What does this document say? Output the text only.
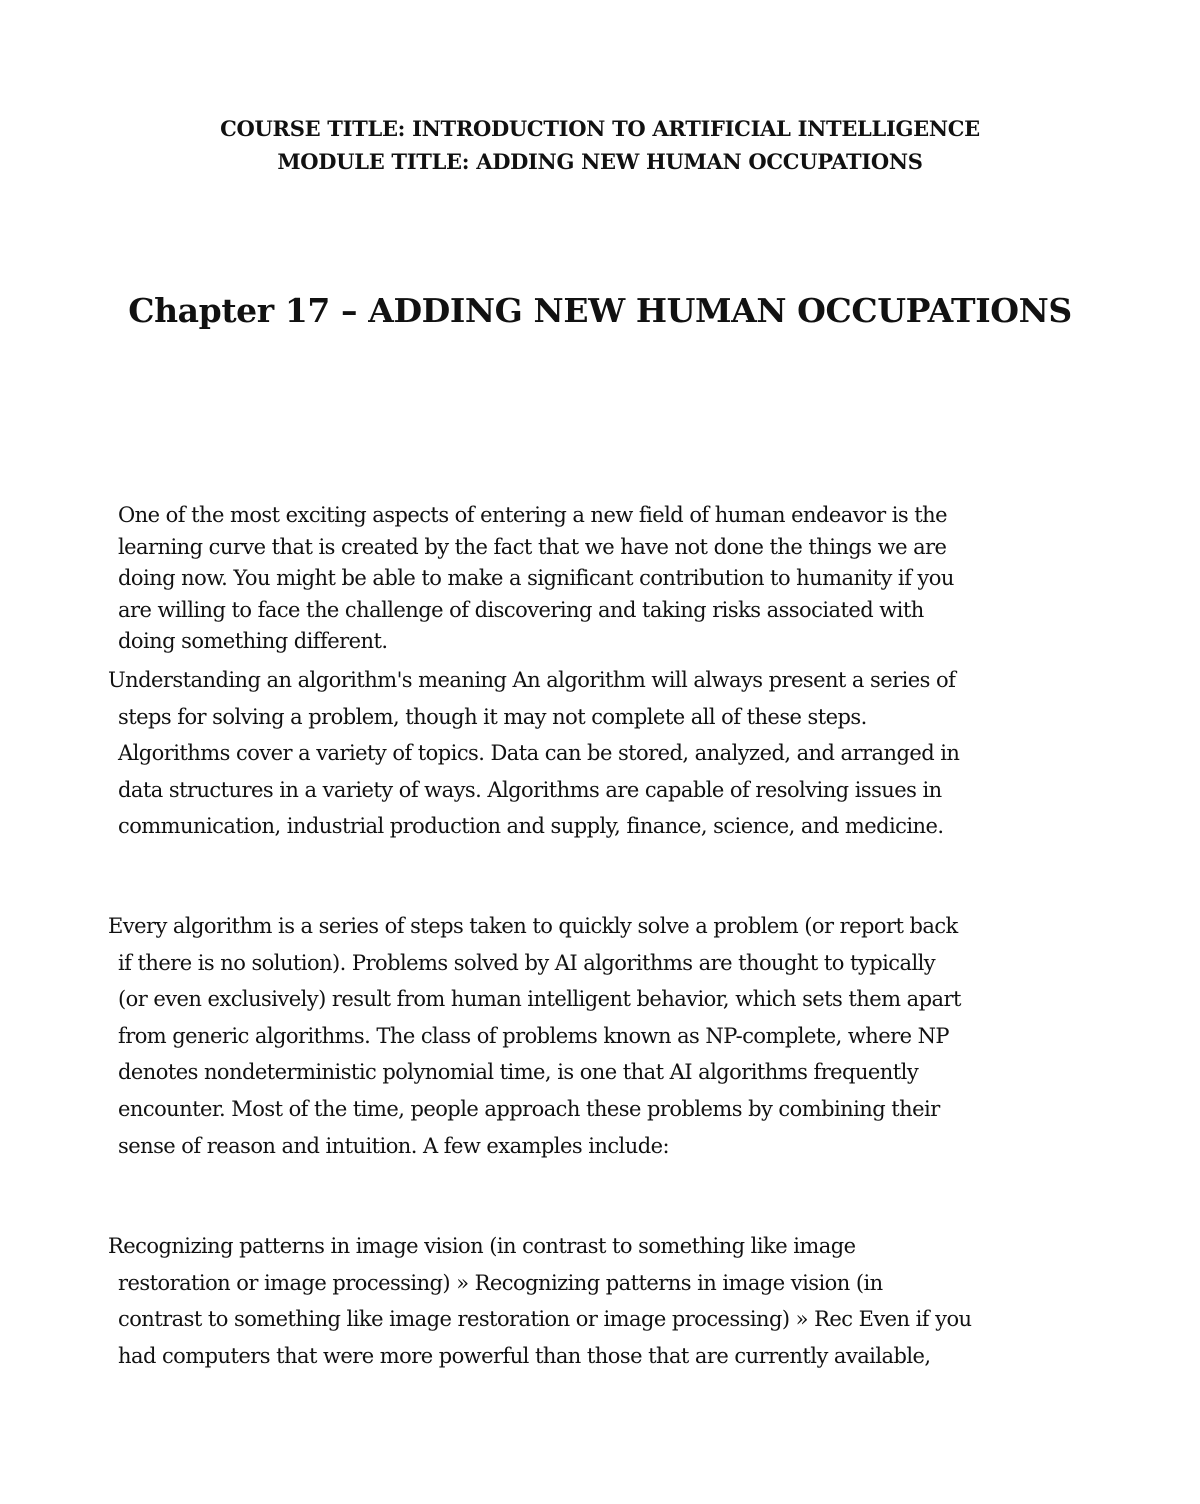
COURSE TITLE: INTRODUCTION TO ARTIFICIAL INTELLIGENCE
MODULE TITLE: ADDING NEW HUMAN OCCUPATIONS
Chapter 17 – ADDING NEW HUMAN OCCUPATIONS
One of the most exciting aspects of entering a new field of human endeavor is the
learning curve that is created by the fact that we have not done the things we are
doing now. You might be able to make a significant contribution to humanity if you
are willing to face the challenge of discovering and taking risks associated with
doing something different.
Understanding an algorithm's meaning An algorithm will always present a series of
steps for solving a problem, though it may not complete all of these steps.
Algorithms cover a variety of topics. Data can be stored, analyzed, and arranged in
data structures in a variety of ways. Algorithms are capable of resolving issues in
communication, industrial production and supply, finance, science, and medicine.
Every algorithm is a series of steps taken to quickly solve a problem (or report back
if there is no solution). Problems solved by AI algorithms are thought to typically
(or even exclusively) result from human intelligent behavior, which sets them apart
from generic algorithms. The class of problems known as NP-complete, where NP
denotes nondeterministic polynomial time, is one that AI algorithms frequently
encounter. Most of the time, people approach these problems by combining their
sense of reason and intuition. A few examples include:
Recognizing patterns in image vision (in contrast to something like image
restoration or image processing) » Recognizing patterns in image vision (in
contrast to something like image restoration or image processing) » Rec Even if you
had computers that were more powerful than those that are currently available,
